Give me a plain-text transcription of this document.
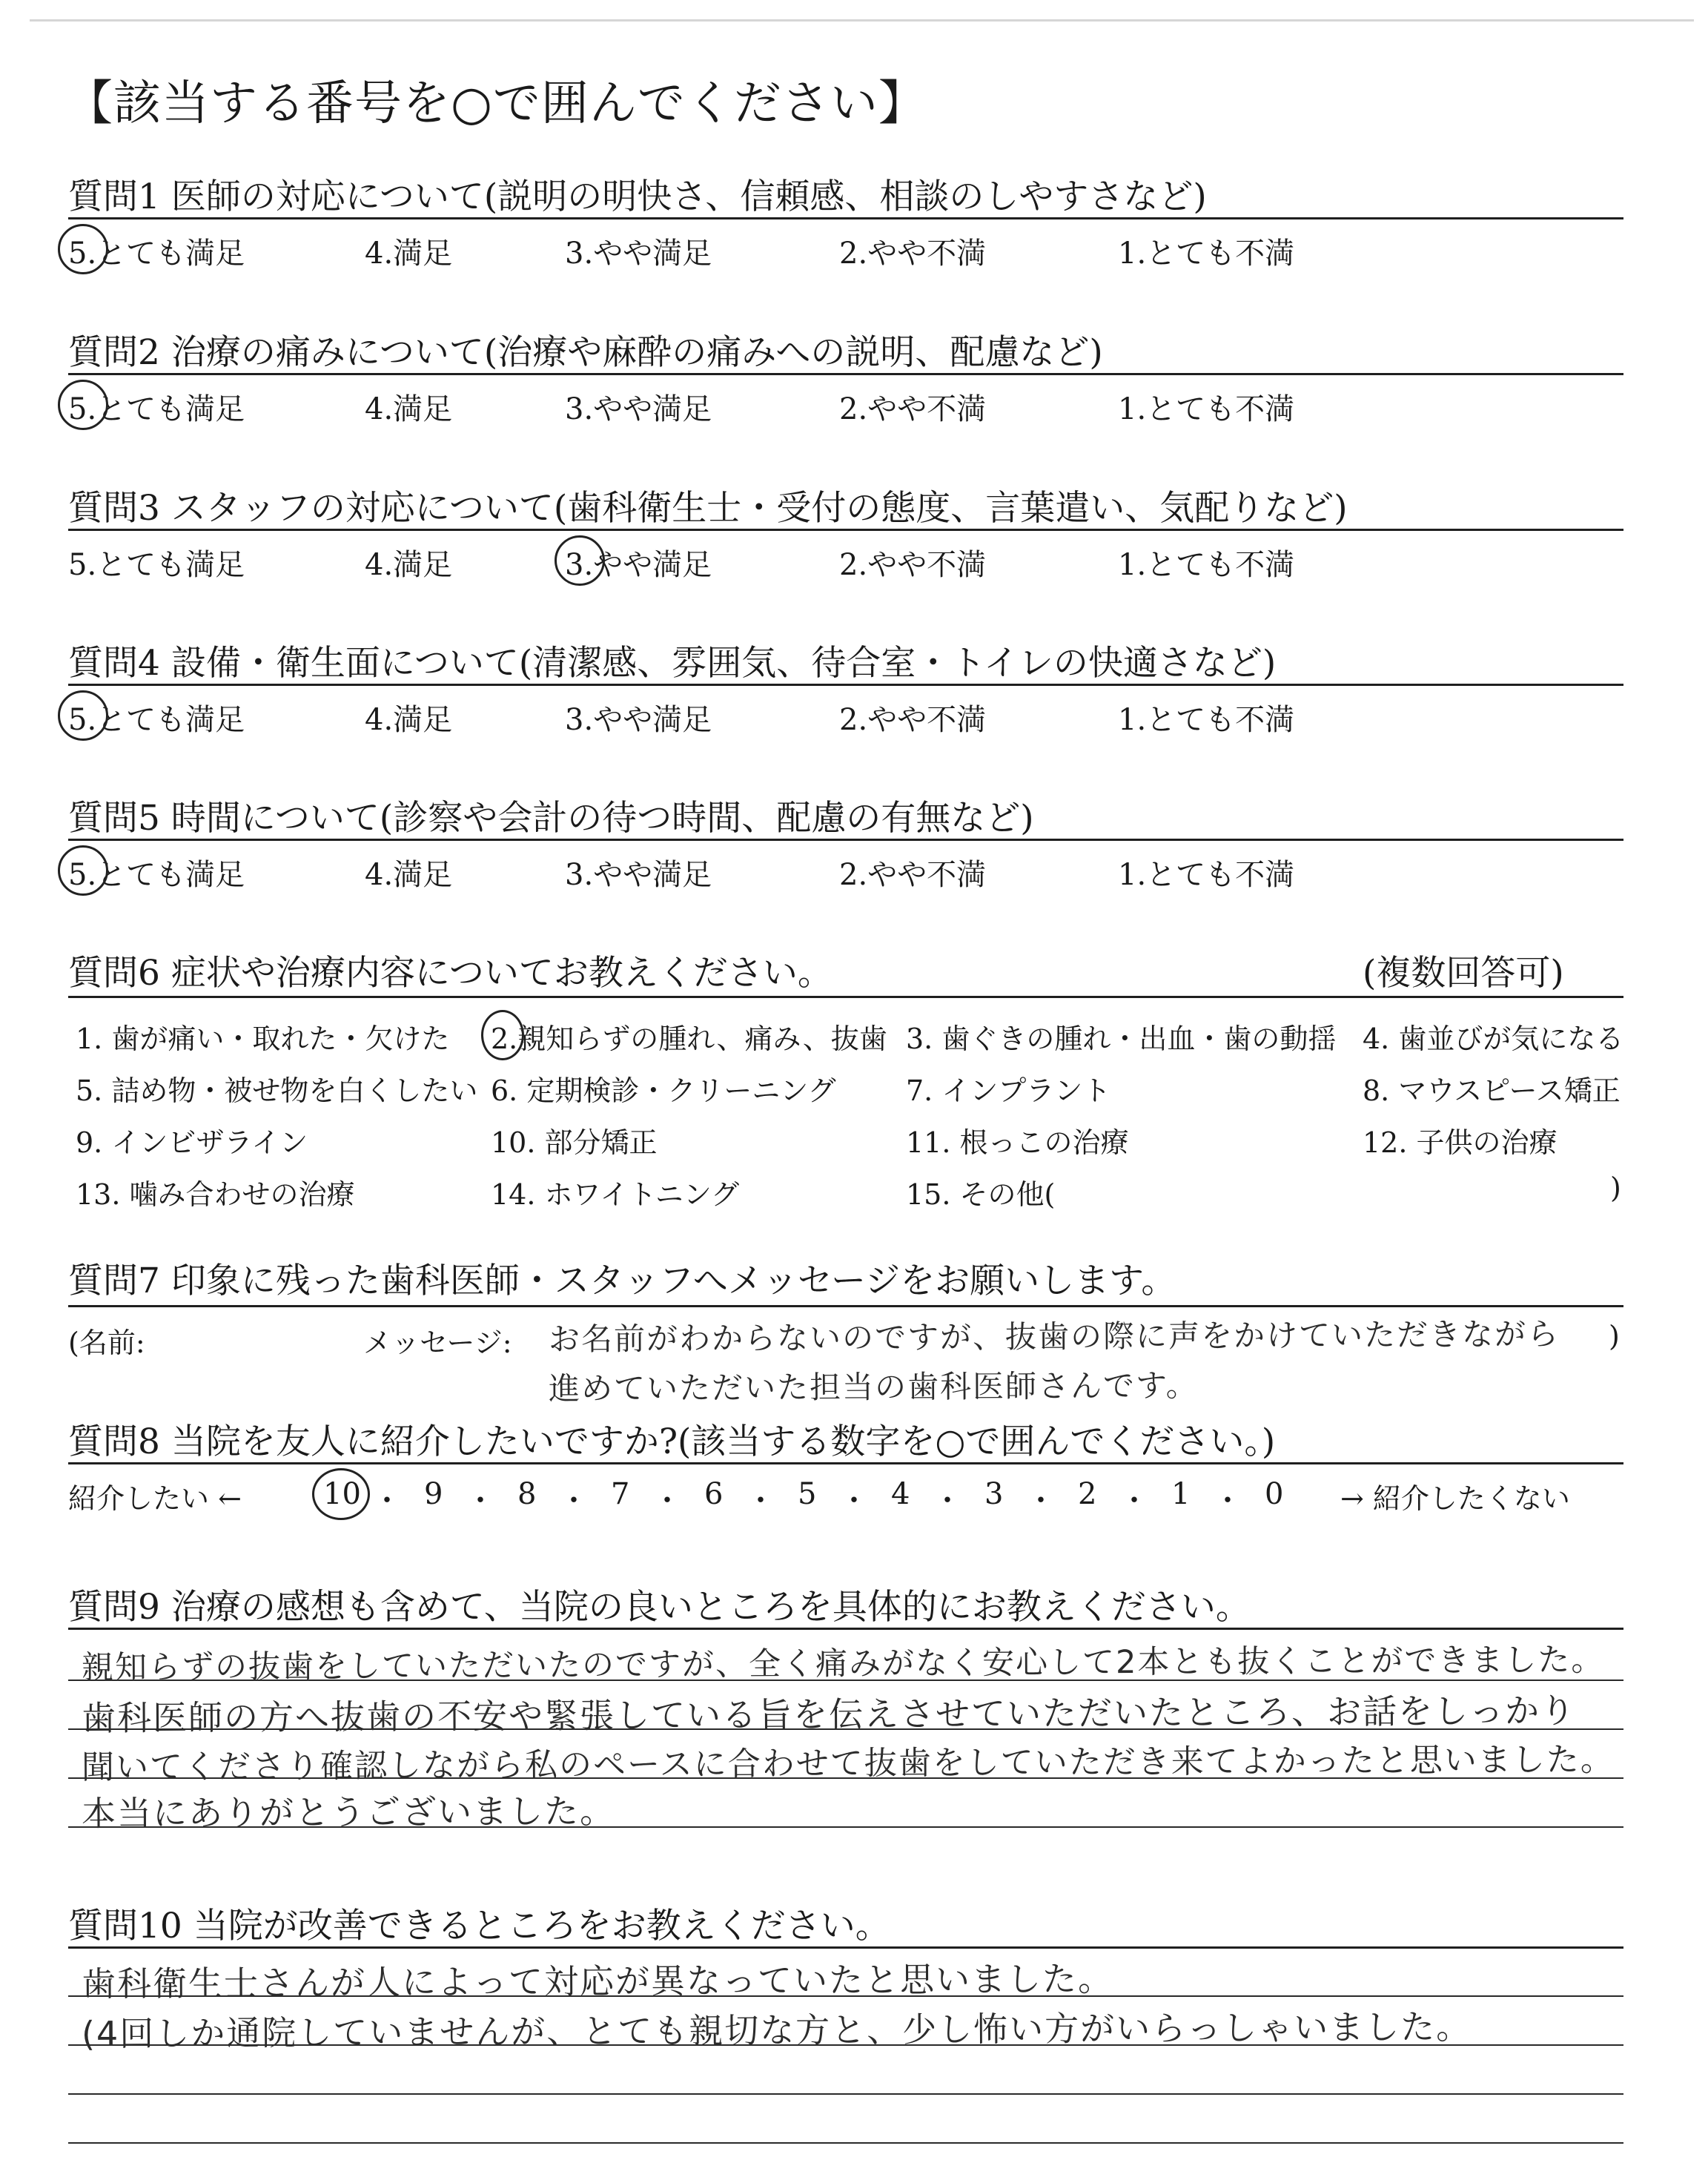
【該当する番号を○で囲んでください】
質問1 医師の対応について(説明の明快さ、信頼感、相談のしやすさなど)
5.とても満足	4.満足	3.やや満足	2.やや不満	1.とても不満
質問2 治療の痛みについて(治療や麻酔の痛みへの説明、配慮など)
5.とても満足	4.満足	3.やや満足	2.やや不満	1.とても不満
質問3 スタッフの対応について(歯科衛生士・受付の態度、言葉遣い、気配りなど)
5.とても満足	4.満足	3.やや満足	2.やや不満	1.とても不満
質問4 設備・衛生面について(清潔感、雰囲気、待合室・トイレの快適さなど)
5.とても満足	4.満足	3.やや満足	2.やや不満	1.とても不満
質問5 時間について(診察や会計の待つ時間、配慮の有無など)
5.とても満足	4.満足	3.やや満足	2.やや不満	1.とても不満
質問6 症状や治療内容についてお教えください。	(複数回答可)
1. 歯が痛い・取れた・欠けた 2.親知らずの腫れ、痛み、抜歯 3. 歯ぐきの腫れ・出血・歯の動揺 4. 歯並びが気になる
5. 詰め物・被せ物を白くしたい 6. 定期検診・クリーニング 7. インプラント	8. マウスピース矯正
9. インビザライン	10. 部分矯正	11. 根っこの治療	12. 子供の治療
13. 噛み合わせの治療	14. ホワイトニング	15. その他(	)
質問7 印象に残った歯科医師・スタッフへメッセージをお願いします。
(名前:	メッセージ: お名前がわからないのですが、抜歯の際に声をかけていただきながら )
進めていただいた担当の歯科医師さんです。
質問8 当院を友人に紹介したいですか?(該当する数字を○で囲んでください。)
紹介したい ←	10 ・ 9 ・ 8 ・ 7 ・ 6 ・ 5 ・ 4 ・ 3 ・ 2 ・ 1 ・ 0 → 紹介したくない
質問9 治療の感想も含めて、当院の良いところを具体的にお教えください。
親知らずの抜歯をしていただいたのですが、全く痛みがなく安心して2本とも抜くことができました。
歯科医師の方へ抜歯の不安や緊張している旨を伝えさせていただいたところ、お話をしっかり
聞いてくださり確認しながら私のペースに合わせて抜歯をしていただき来てよかったと思いました。
本当にありがとうございました。
質問10 当院が改善できるところをお教えください。
歯科衛生士さんが人によって対応が異なっていたと思いました。
(4回しか通院していませんが、とても親切な方と、少し怖い方がいらっしゃいました。
